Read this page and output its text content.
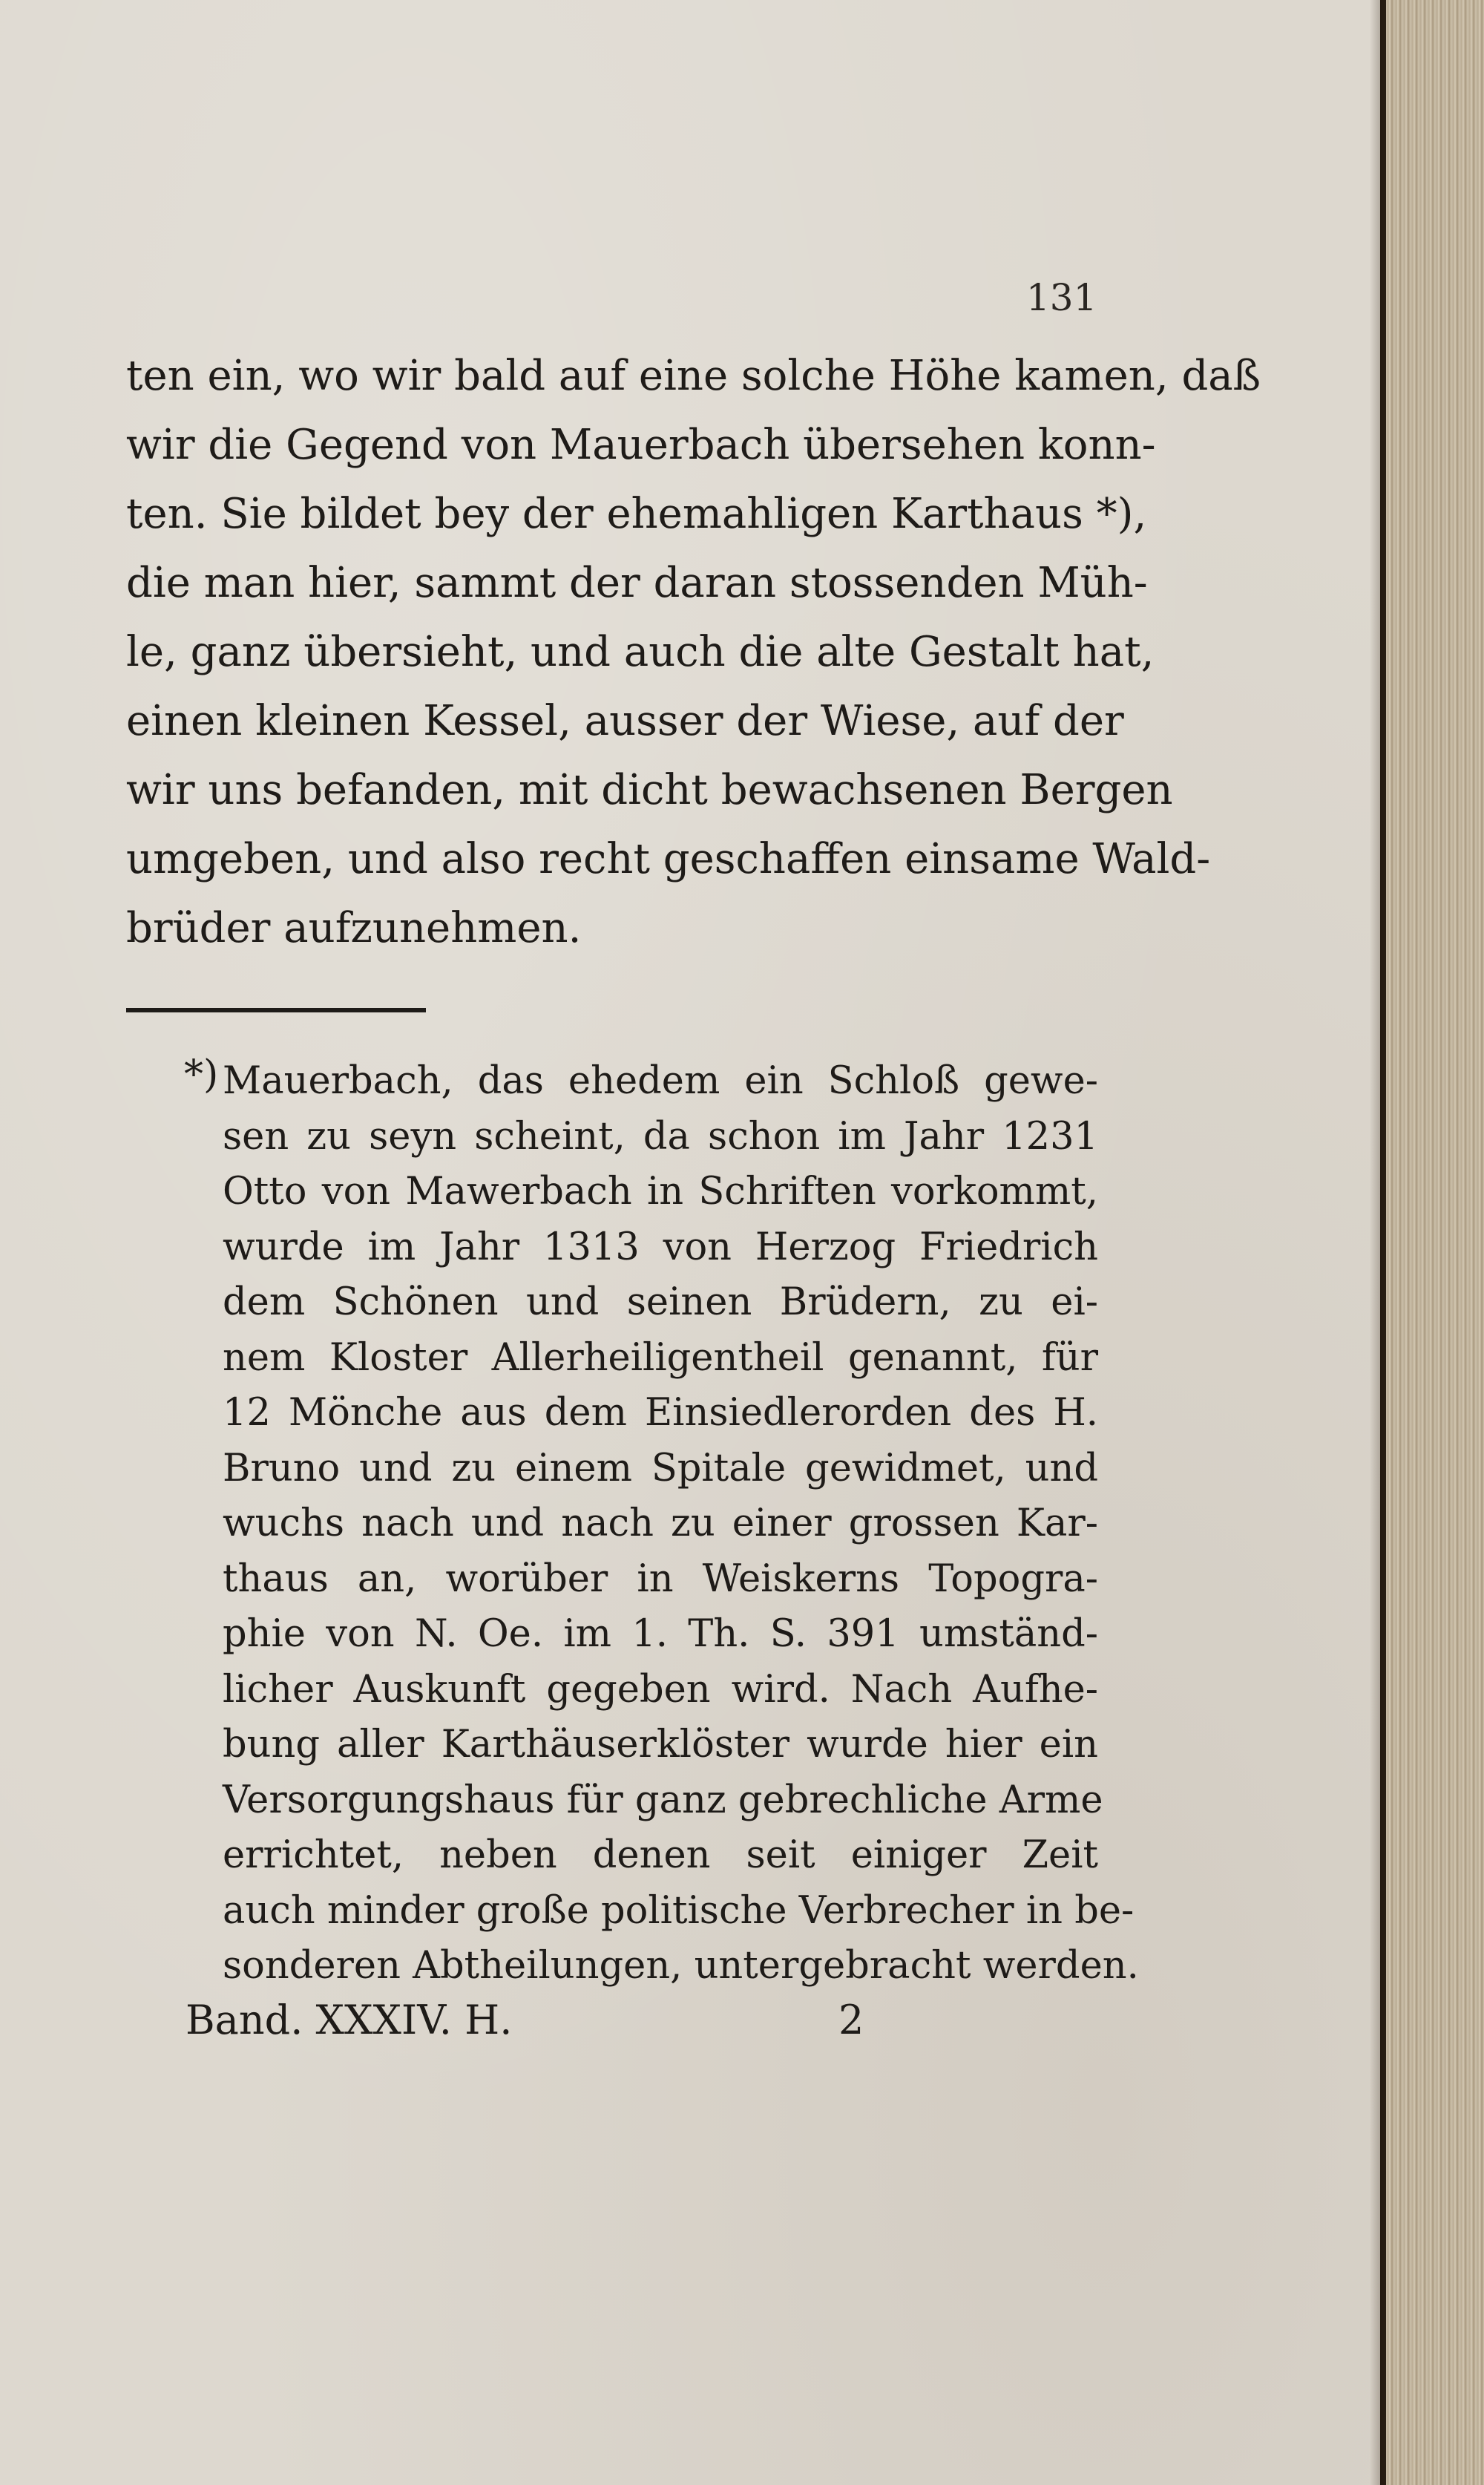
131
ten ein, wo wir bald auf eine solche Höhe kamen, daß
wir die Gegend von Mauerbach übersehen konn-
ten. Sie bildet bey der ehemahligen Karthaus *),
die man hier, sammt der daran stossenden Müh-
le, ganz übersieht, und auch die alte Gestalt hat,
einen kleinen Kessel, ausser der Wiese, auf der
wir uns befanden, mit dicht bewachsenen Bergen
umgeben, und also recht geschaffen einsame Wald-
brüder aufzunehmen.
*) Mauerbach, das ehedem ein Schloß gewe-
sen zu seyn scheint, da schon im Jahr 1231
Otto von Mawerbach in Schriften vorkommt,
wurde im Jahr 1313 von Herzog Friedrich
dem Schönen und seinen Brüdern, zu ei-
nem Kloster Allerheiligentheil genannt, für
12 Mönche aus dem Einsiedlerorden des H.
Bruno und zu einem Spitale gewidmet, und
wuchs nach und nach zu einer grossen Kar-
thaus an, worüber in Weiskerns Topogra-
phie von N. Oe. im 1. Th. S. 391 umständ-
licher Auskunft gegeben wird. Nach Aufhe-
bung aller Karthäuserklöster wurde hier ein
Versorgungshaus für ganz gebrechliche Arme
errichtet, neben denen seit einiger Zeit
auch minder große politische Verbrecher in be-
sonderen Abtheilungen, untergebracht werden.
Band. XXXIV. H.	2
